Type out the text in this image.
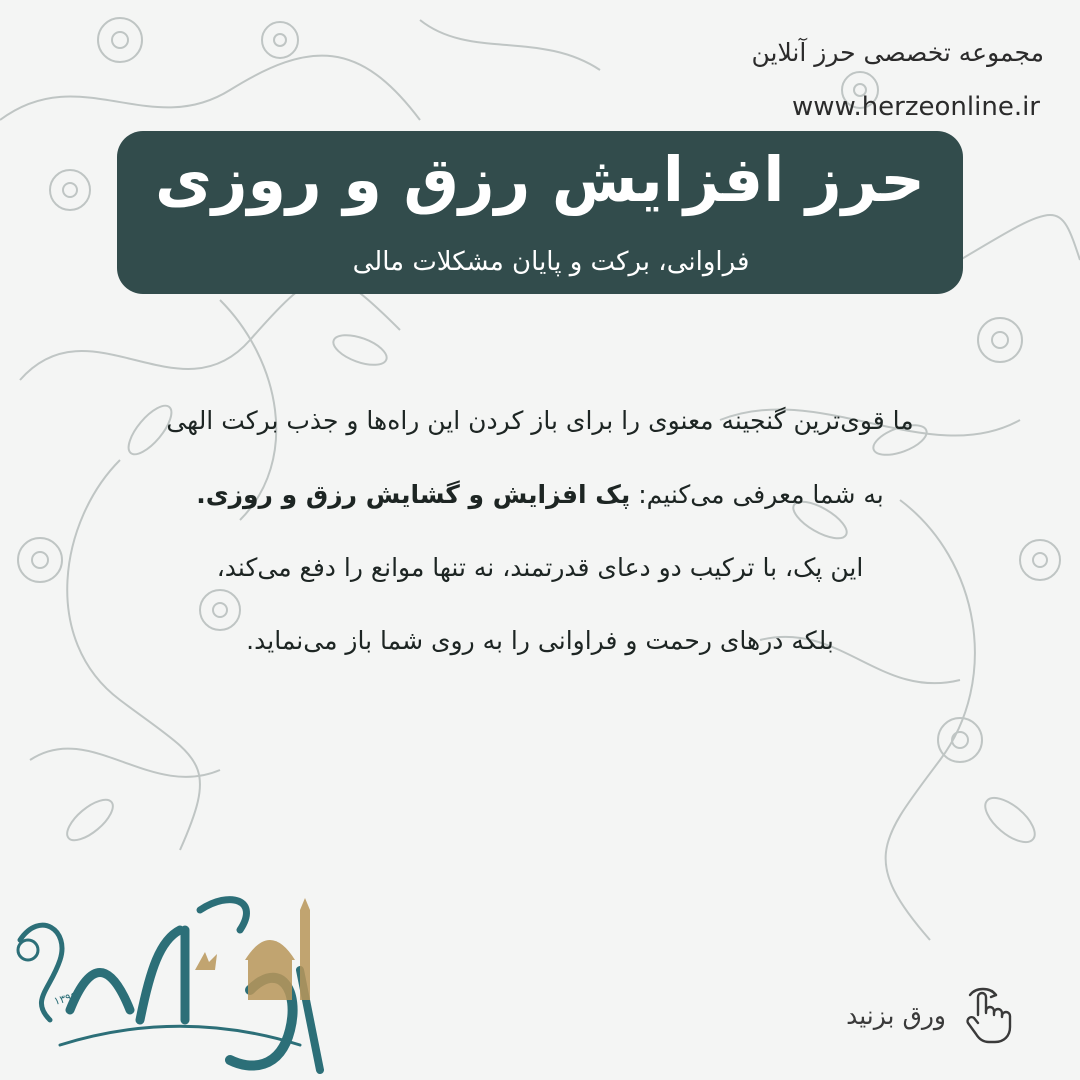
مجموعه تخصصی حرز آنلاین
www.herzeonline.ir
حرز افزایش رزق و روزی
فراوانی، برکت و پایان مشکلات مالی
ما قوی‌ترین گنجینه معنوی را برای باز کردن این راه‌ها و جذب برکت الهی
به شما معرفی می‌کنیم: پک افزایش و گشایش رزق و روزی.
این پک، با ترکیب دو دعای قدرتمند، نه تنها موانع را دفع می‌کند،
بلکه درهای رحمت و فراوانی را به روی شما باز می‌نماید.
۱۳۹۹
ورق بزنید
